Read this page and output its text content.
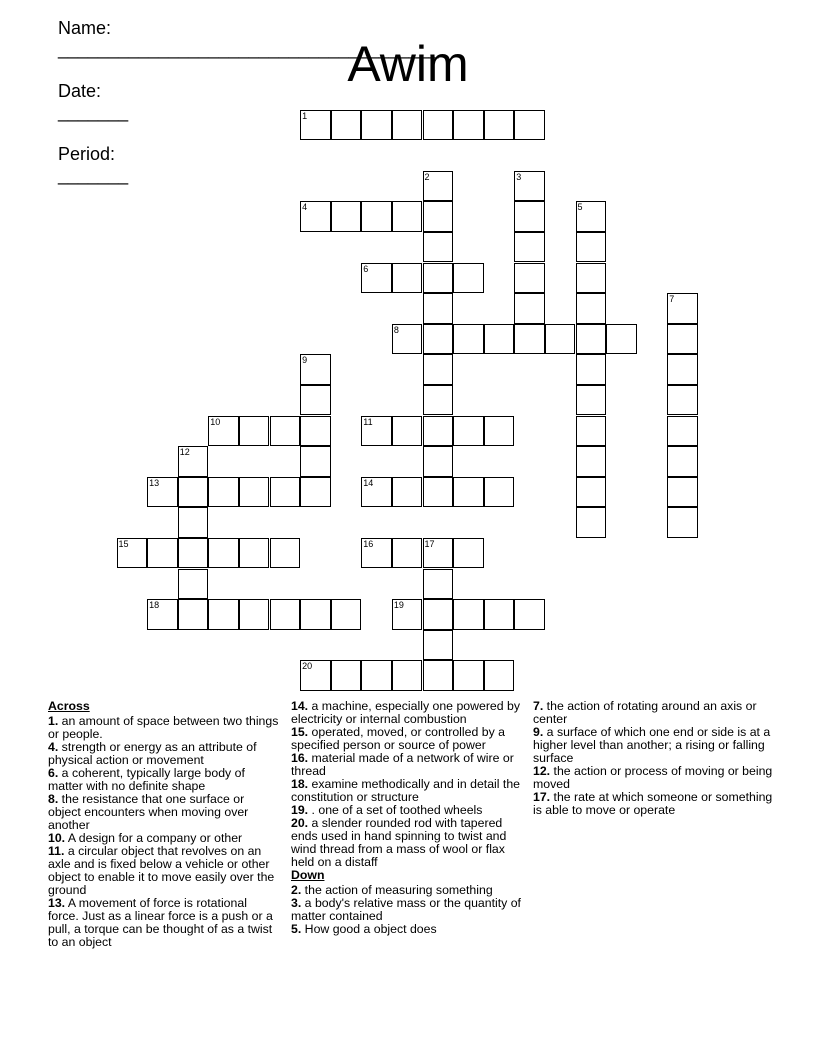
Name:
______________________________________

Date:
_______

Period:
_______

Awim
1
2	3
4	5
6
7
8
9
10	11
12
13	14
15	16	17
18	19
20
Across
1. an amount of space between two things or people.
4. strength or energy as an attribute of physical action or movement
6. a coherent, typically large body of matter with no definite shape
8. the resistance that one surface or object encounters when moving over another
10. A design for a company or other
11. a circular object that revolves on an axle and is fixed below a vehicle or other object to enable it to move easily over the ground
13. A movement of force is rotational force. Just as a linear force is a push or a pull, a torque can be thought of as a twist to an object
14. a machine, especially one powered by electricity or internal combustion
15. operated, moved, or controlled by a specified person or source of power
16. material made of a network of wire or thread
18. examine methodically and in detail the constitution or structure
19. . one of a set of toothed wheels
20. a slender rounded rod with tapered ends used in hand spinning to twist and wind thread from a mass of wool or flax held on a distaff
Down
2. the action of measuring something
3. a body's relative mass or the quantity of matter contained
5. How good a object does
7. the action of rotating around an axis or center
9. a surface of which one end or side is at a higher level than another; a rising or falling surface
12. the action or process of moving or being moved
17. the rate at which someone or something is able to move or operate
